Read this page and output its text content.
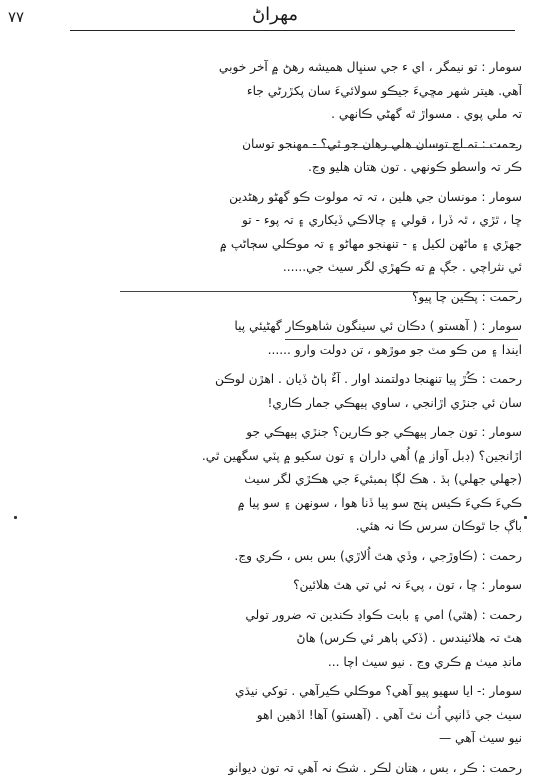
٧٧	مهراڻ
سومار : تو نيمگر ، اي ء جي سنڀال هميشه رهڻ ۾ آخر خوبي
آهي. هيتر شهر مڇيءَ جيڪو سولائيءَ سان پکڙرڻي جاء
تہ ملي پوي . مسواڙ ٿه گهڻي ڪانهي .
رحمت : تہ اڄ توسان هلي رهان جو ٿي؟ - مهنجو توسان
ڪر تہ واسطو ڪونهي . تون هتان هليو وڃ.
سومار : مونسان جي هلين ، تہ تہ مولوت ڪو گهڻو رهڻدين
ڇا ، ٿڙي ، ٿہ ڏرا ، قولي ۽ چالاڪي ڏيکاري ۽ تہ پوء - تو
جهڙي ۽ ماڻهن لکيل ۽ - تنهنجو مهاڻو ۽ تہ موڪلي سڄاڻپ ۾
ئي نثراچي . جڳ ۾ ته ڪهڙي لگر سيٺ جي......
رحمت : پڪين چا پيو؟
سومار : ( آهستو ) دڪان ئي سينگون شاهوڪار گهڻيئي پيا
ايندا ۽ من ڪو مٽ جو موڙهو ، تن دولت وارو ......
رحمت : ڪُڙ پيا تنهنجا دولتمند اوار . آءٌ ٻاڻ ڏيان . اهڙن لوڪن
سان ئي جنڙي اڙانجي ، ساوي ٻيهڪي جمار ڪاري!
سومار : تون جمار ٻيهڪي جو ڪارين؟ جنڙي ٻيهڪي جو
اڙانجين؟ (ڊبل آواز ۾) اُهي داران ۽ تون سکيو ۾ پٽي سگهين ٿي.
(جهلي جهلي) ٻڌ . هڪ لڳا ٻمبئيءَ جي هڪڙي لگر سيٺ
ڪيءَ ڪيءَ ڪيس پنج سو پيا ڏنا هوا ، سونهن ۽ سو پيا ۾
باڳ جا ٿوڪان سرس ڪا نہ هئي.
رحمت : (ڪاوڙجي ، وڏي هٿ اُلاڙي) بس بس ، ڪري وڃ.
سومار : ڇا ، تون ، پيءَ نہ ئي تي هٿ هلائين؟
رحمت : (هٿي) امي ۽ بابت ڪواڊ ڪندين تہ ضرور تولي
هٿ تہ هلائيندس . (ڏکي ٻاهر ئي ڪرس) هاڻ
مانڊ ميٺ ۾ ڪري وڃ . نيو سيٺ اچا ...
سومار :- ايا سهيو پيو آهي؟ موڪلي ڪيرآهي . توکي نيڌي
سيٺ جي ڏانپي اُٺ نٿ آهي . (آهستو) آها! اڏهين اهو
نيو سيٺ آهي —
رحمت : ڪر ، بس ، هتان لڪر . شڪ نہ آهي تہ تون ديوانو
